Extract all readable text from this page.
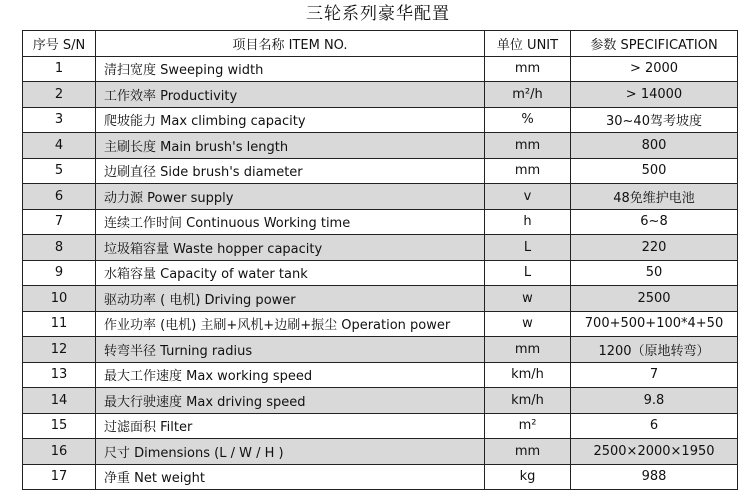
三轮系列豪华配置
序号 S/N	项目名称 ITEM NO.	单位 UNIT	参数 SPECIFICATION
1	清扫宽度 Sweeping width	mm	> 2000
2	工作效率 Productivity	m²/h	> 14000
3	爬坡能力 Max climbing capacity	%	30~40驾考坡度
4	主刷长度 Main brush's length	mm	800
5	边刷直径 Side brush's diameter	mm	500
6	动力源 Power supply	v	48免维护电池
7	连续工作时间 Continuous Working time	h	6~8
8	垃圾箱容量 Waste hopper capacity	L	220
9	水箱容量 Capacity of water tank	L	50
10	驱动功率 ( 电机) Driving power	w	2500
11	作业功率 (电机) 主刷+风机+边刷+振尘 Operation power	w	700+500+100*4+50
12	转弯半径 Turning radius	mm	1200（原地转弯）
13	最大工作速度 Max working speed	km/h	7
14	最大行驶速度 Max driving speed	km/h	9.8
15	过滤面积 Filter	m²	6
16	尺寸 Dimensions (L / W / H )	mm	2500×2000×1950
17	净重 Net weight	kg	988
